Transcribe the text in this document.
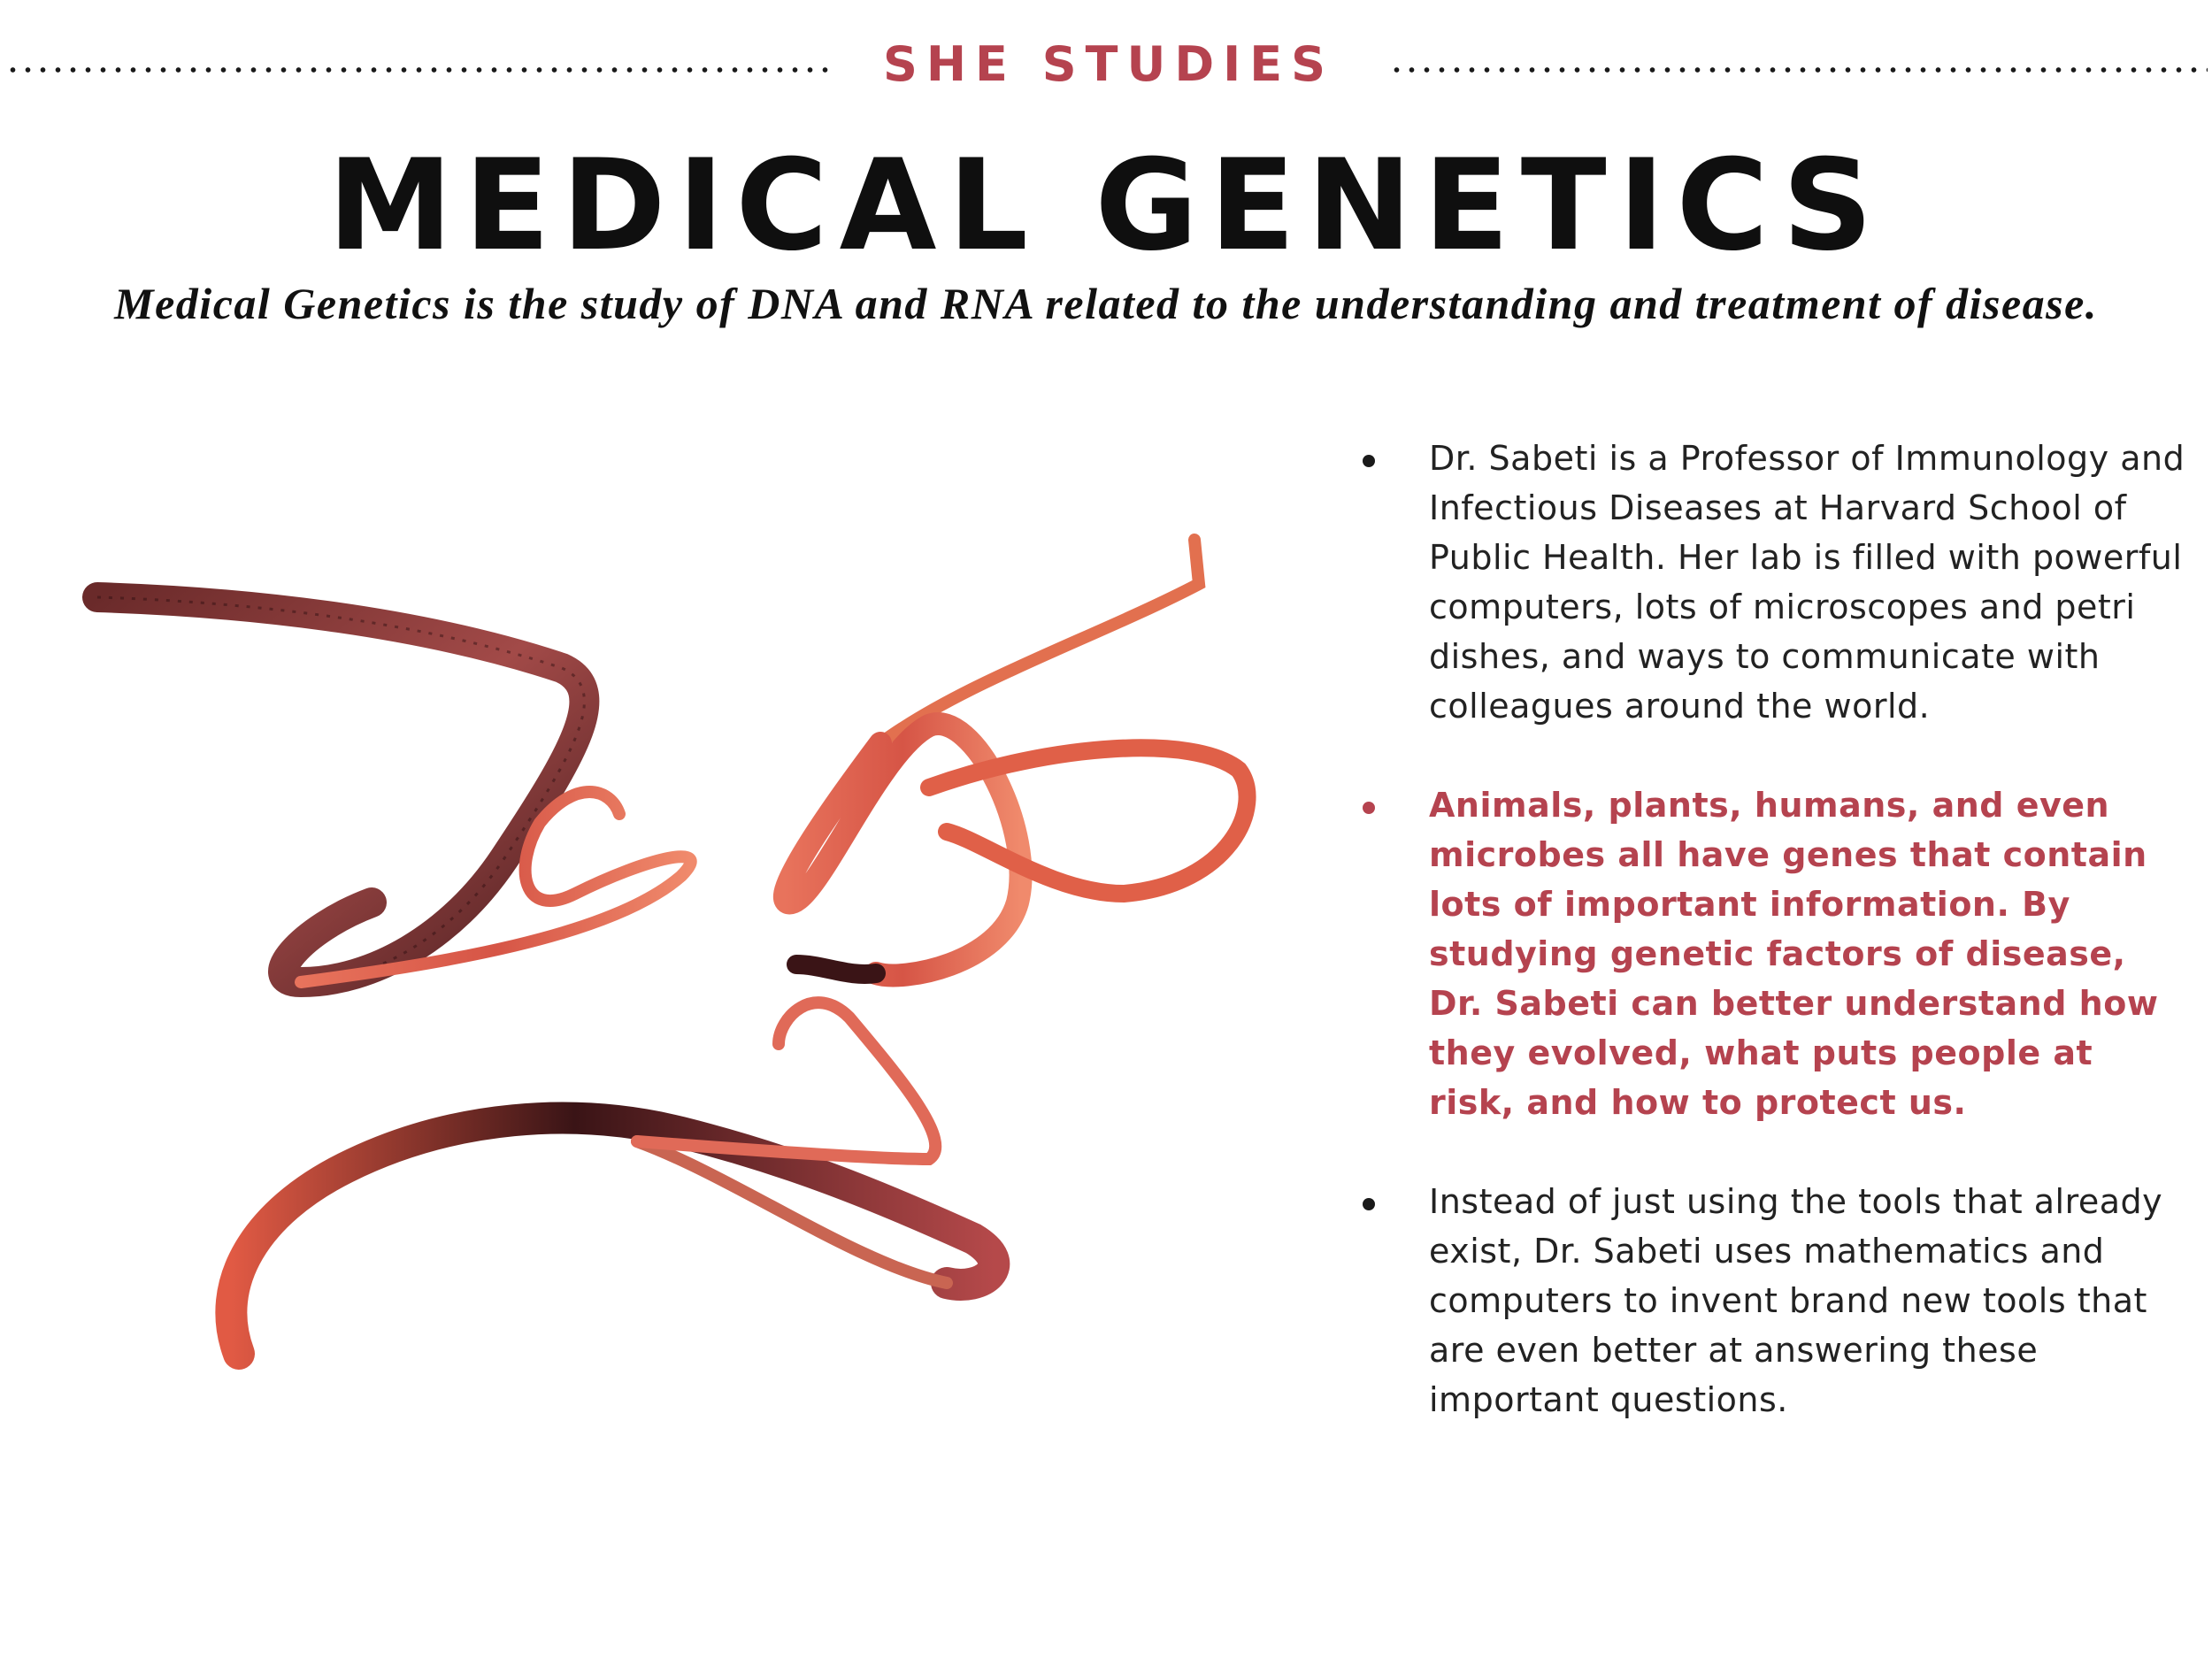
SHE STUDIES
MEDICAL GENETICS
Medical Genetics is the study of DNA and RNA related to the understanding and treatment of disease.
Dr. Sabeti is a Professor of Immunology and Infectious Diseases at Harvard School of Public Health. Her lab is filled with powerful computers, lots of microscopes and petri dishes, and ways to communicate with colleagues around the world.
Animals, plants, humans, and even microbes all have genes that contain lots of important information. By studying genetic factors of disease, Dr. Sabeti can better understand how they evolved, what puts people at risk, and how to protect us.
Instead of just using the tools that already exist, Dr. Sabeti uses mathematics and computers to invent brand new tools that are even better at answering these important questions.
